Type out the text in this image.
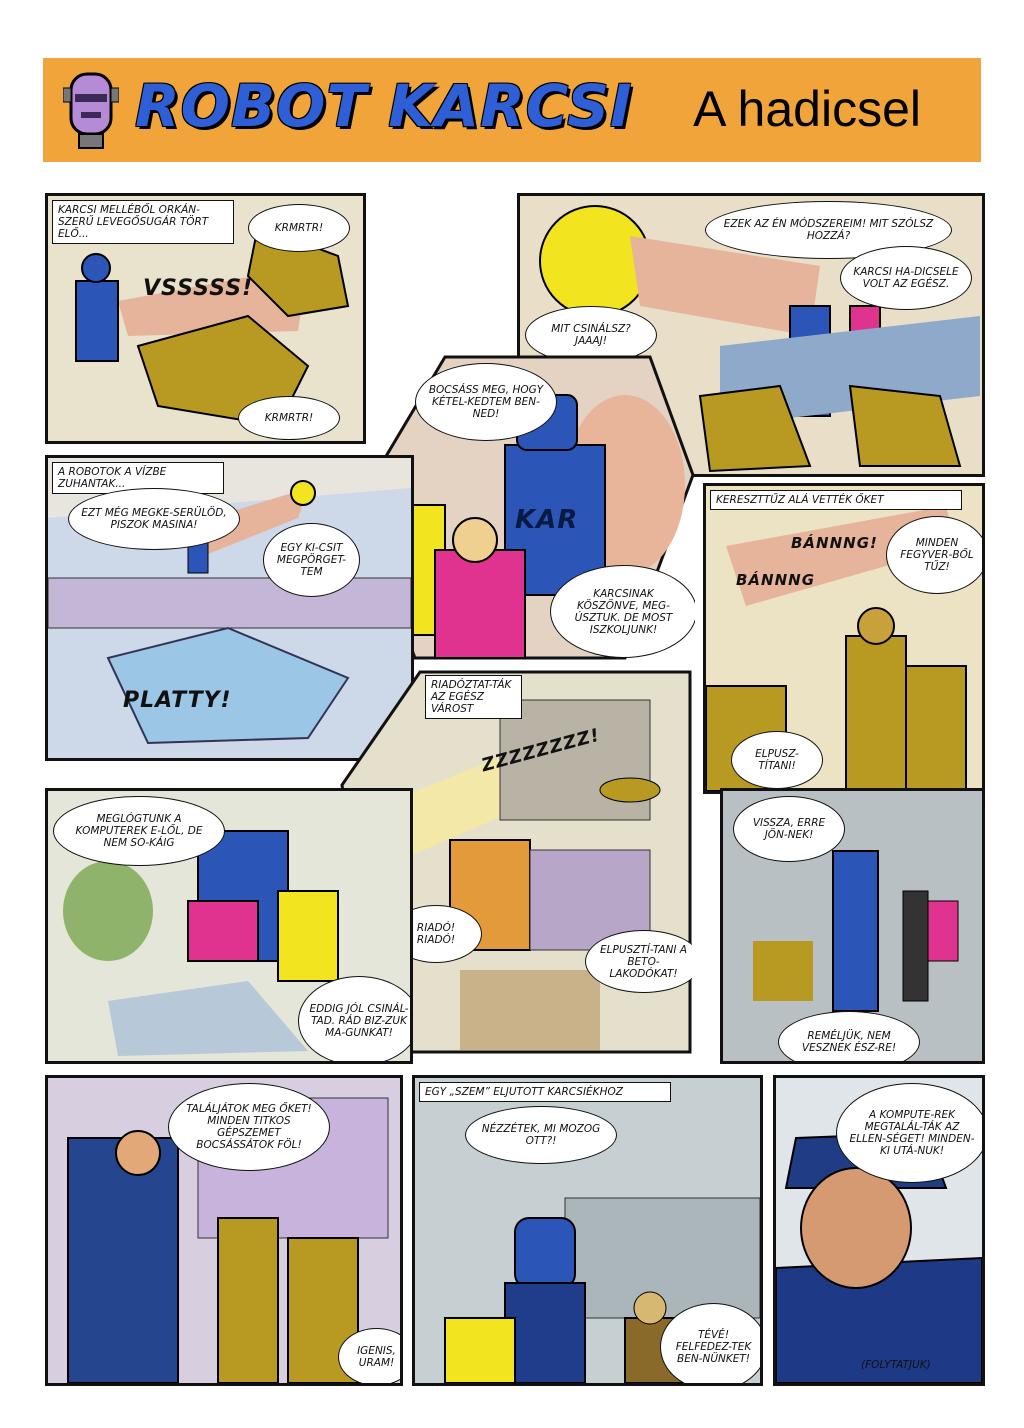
ROBOT KARCSI A hadicsel
KARCSI MELLÉBŐL ORKÁN-SZERŰ LEVEGŐSUGÁR TÖRT ELŐ...	KRMRTR!
VSSSSS!
KRMRTR!
EZEK AZ ÉN MÓDSZEREIM! MIT SZÓLSZ HOZZÁ?
KARCSI HA-DICSELE VOLT AZ EGÉSZ.
MIT CSINÁLSZ? JAAAJ!
BOCSÁSS MEG, HOGY KÉTEL-KEDTEM BEN-NED!
KAR
KARCSINAK KÖSZÖNVE, MEG-ÚSZTUK. DE MOST ISZKOLJUNK!
A ROBOTOK A VÍZBE ZUHANTAK...
EZT MÉG MEGKE-SERÜLÖD, PISZOK MASINA!
EGY KI-CSIT MEGPÖRGET-TEM
PLATTY!
KERESZTTŰZ ALÁ VETTÉK ŐKET
BÁNNNG!
BÁNNNG
MINDEN FEGYVER-BŐL TŰZ!
ELPUSZ-TÍTANI!
RIADÓZTAT-TÁK AZ EGÉSZ VÁROST
ZZZZZZZZ!
RIADÓ! RIADÓ!
ELPUSZTÍ-TANI A BETO-LAKODÓKAT!
MEGLÓGTUNK A KOMPUTEREK E-LŐL, DE NEM SO-KÁIG
EDDIG JÓL CSINÁL-TAD. RÁD BIZ-ZUK MA-GUNKAT!
VISSZA, ERRE JÖN-NEK!
REMÉLJÜK, NEM VESZNEK ÉSZ-RE!
TALÁLJÁTOK MEG ŐKET! MINDEN TITKOS GÉPSZEMET BOCSÁSSÁTOK FÖL!
IGENIS, URAM!
EGY „SZEM” ELJUTOTT KARCSIÉKHOZ
NÉZZÉTEK, MI MOZOG OTT?!
TÉVÉ! FELFEDEZ-TEK BEN-NÜNKET!
A KOMPUTE-REK MEGTALÁL-TÁK AZ ELLEN-SÉGET! MINDEN-KI UTÁ-NUK!
(FOLYTATJUK)
